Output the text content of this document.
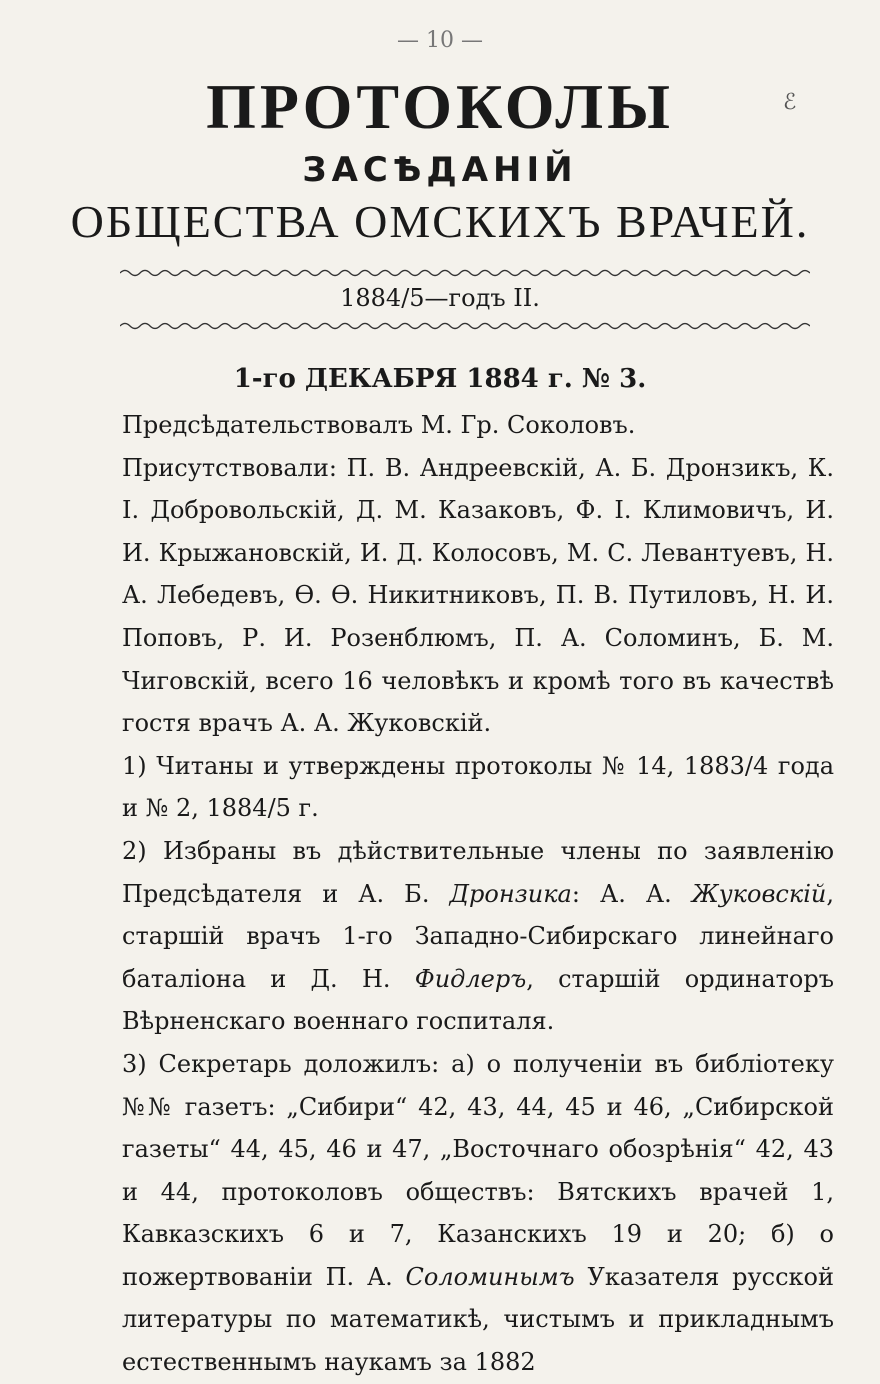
— 10 —
ℰ
ПРОТОКОЛЫ
ЗАСѢДАНІЙ
ОБЩЕСТВА ОМСКИХЪ ВРАЧЕЙ.
1884/5—годъ II.
1-го ДЕКАБРЯ 1884 г. № 3.

Предсѣдательствовалъ М. Гр. Соколовъ.

Присутствовали: П. В. Андреевскій, А. Б. Дронзикъ, К. І. Добровольскій, Д. М. Казаковъ, Ф. І. Климовичъ, И. И. Крыжановскій, И. Д. Колосовъ, М. С. Левантуевъ, Н. А. Лебедевъ, Ѳ. Ѳ. Никитниковъ, П. В. Путиловъ, Н. И. Поповъ, Р. И. Розенблюмъ, П. А. Соломинъ, Б. М. Чиговскій, всего 16 человѣкъ и кромѣ того въ качествѣ гостя врачъ А. А. Жуковскій.

1) Читаны и утверждены протоколы № 14, 1883/4 года и № 2, 1884/5 г.

2) Избраны въ дѣйствительные члены по заявленію Предсѣдателя и А. Б. Дронзика: А. А. Жуковскій, старшій врачъ 1-го Западно-Сибирскаго линейнаго баталіона и Д. Н. Фидлеръ, старшій ординаторъ Вѣрненскаго военнаго госпиталя.

3) Секретарь доложилъ: а) о полученіи въ библіотеку №№ газетъ: „Сибири“ 42, 43, 44, 45 и 46, „Сибирской газеты“ 44, 45, 46 и 47, „Восточнаго обозрѣнія“ 42, 43 и 44, протоколовъ обществъ: Вятскихъ врачей 1, Кавказскихъ 6 и 7, Казанскихъ 19 и 20; б) о пожертвованіи П. А. Соломинымъ Указателя русской литературы по математикѣ, чистымъ и прикладнымъ естественнымъ наукамъ за 1882
